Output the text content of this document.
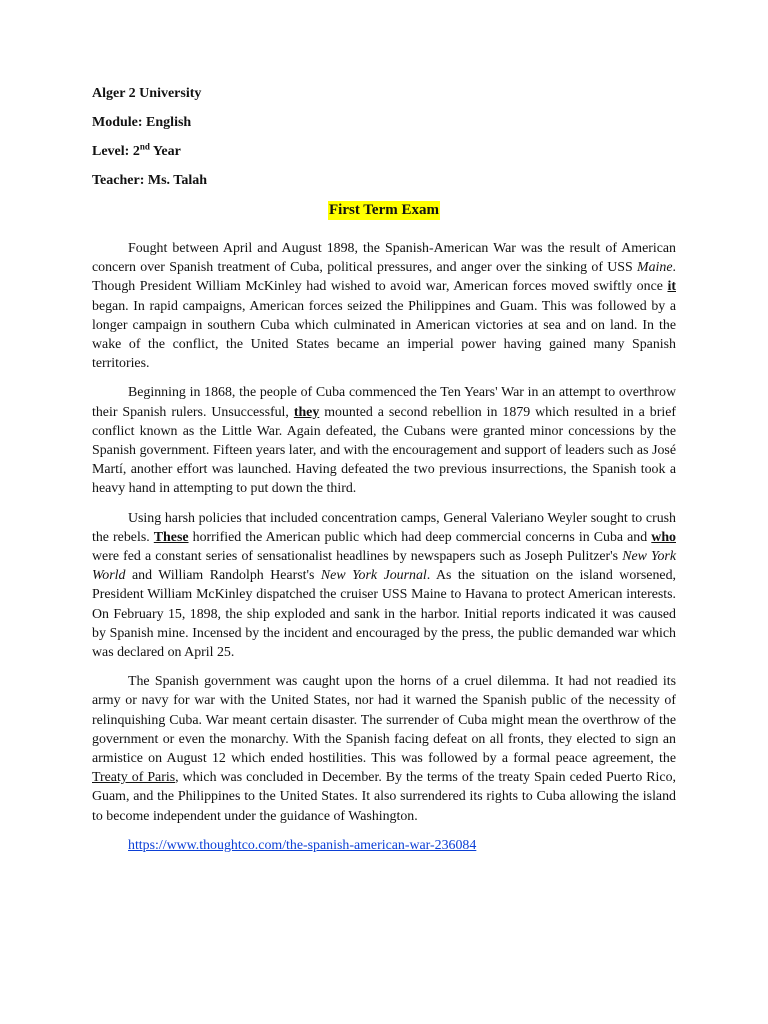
Alger 2 University
Module: English
Level: 2nd Year
Teacher: Ms. Talah
First Term Exam

Fought between April and August 1898, the Spanish-American War was the result of American concern over Spanish treatment of Cuba, political pressures, and anger over the sinking of USS Maine. Though President William McKinley had wished to avoid war, American forces moved swiftly once it began. In rapid campaigns, American forces seized the Philippines and Guam. This was followed by a longer campaign in southern Cuba which culminated in American victories at sea and on land. In the wake of the conflict, the United States became an imperial power having gained many Spanish territories.

Beginning in 1868, the people of Cuba commenced the Ten Years' War in an attempt to overthrow their Spanish rulers. Unsuccessful, they mounted a second rebellion in 1879 which resulted in a brief conflict known as the Little War. Again defeated, the Cubans were granted minor concessions by the Spanish government. Fifteen years later, and with the encouragement and support of leaders such as José Martí, another effort was launched. Having defeated the two previous insurrections, the Spanish took a heavy hand in attempting to put down the third.

Using harsh policies that included concentration camps, General Valeriano Weyler sought to crush the rebels. These horrified the American public which had deep commercial concerns in Cuba and who were fed a constant series of sensationalist headlines by newspapers such as Joseph Pulitzer's New York World and William Randolph Hearst's New York Journal. As the situation on the island worsened, President William McKinley dispatched the cruiser USS Maine to Havana to protect American interests. On February 15, 1898, the ship exploded and sank in the harbor. Initial reports indicated it was caused by Spanish mine. Incensed by the incident and encouraged by the press, the public demanded war which was declared on April 25.

The Spanish government was caught upon the horns of a cruel dilemma. It had not readied its army or navy for war with the United States, nor had it warned the Spanish public of the necessity of relinquishing Cuba. War meant certain disaster. The surrender of Cuba might mean the overthrow of the government or even the monarchy. With the Spanish facing defeat on all fronts, they elected to sign an armistice on August 12 which ended hostilities. This was followed by a formal peace agreement, the Treaty of Paris, which was concluded in December. By the terms of the treaty Spain ceded Puerto Rico, Guam, and the Philippines to the United States. It also surrendered its rights to Cuba allowing the island to become independent under the guidance of Washington.

https://www.thoughtco.com/the-spanish-american-war-236084
